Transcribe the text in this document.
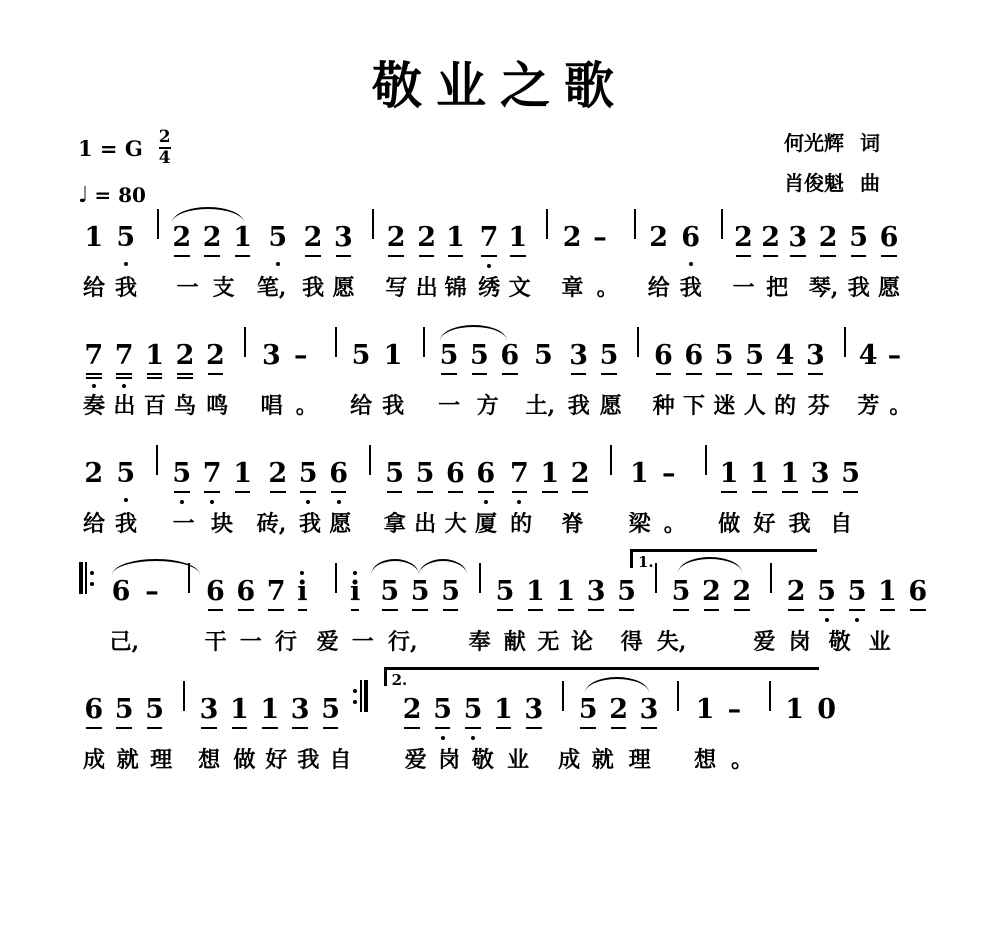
敬业之歌
1 = G $\frac{2}{4}$
♩ = 80
何光辉 词
肖俊魁 曲
1 5 2 2 1 5 2 3 2 2 1 7 1 2 – 2 6 2 2 3 2 5 6
给 我 一 支 笔, 我 愿 写 出 锦 绣 文 章 。 给 我 一 把 琴, 我 愿
7 7 1 2 2 3 – 5 1 5 5 6 5 3 5 6 6 5 5 4 3 4 –
奏 出 百 鸟 鸣 唱 。 给 我 一 方 土, 我 愿 种 下 迷 人 的 芬 芳 。
2 5 5 7 1 2 5 6 5 5 6 6 7 1 2 1 – 1 1 1 3 5
给 我 一 块 砖, 我 愿 拿 出 大 厦 的 脊 梁 。 做 好 我 自
6 – 6 6 7 i i 5 5 5 5 1 1 3 5 5 2 2 2 5 5 1 6
1.
己,	干 一 行 爱 一 行, 奉 献 无 论 得 失,	爱 岗 敬 业
6 5 5 3 1 1 3 5 2 5 5 1 3 5 2 3 1 – 1 0
2.
成 就 理 想 做 好 我 自 爱 岗 敬 业 成 就 理 想 。
